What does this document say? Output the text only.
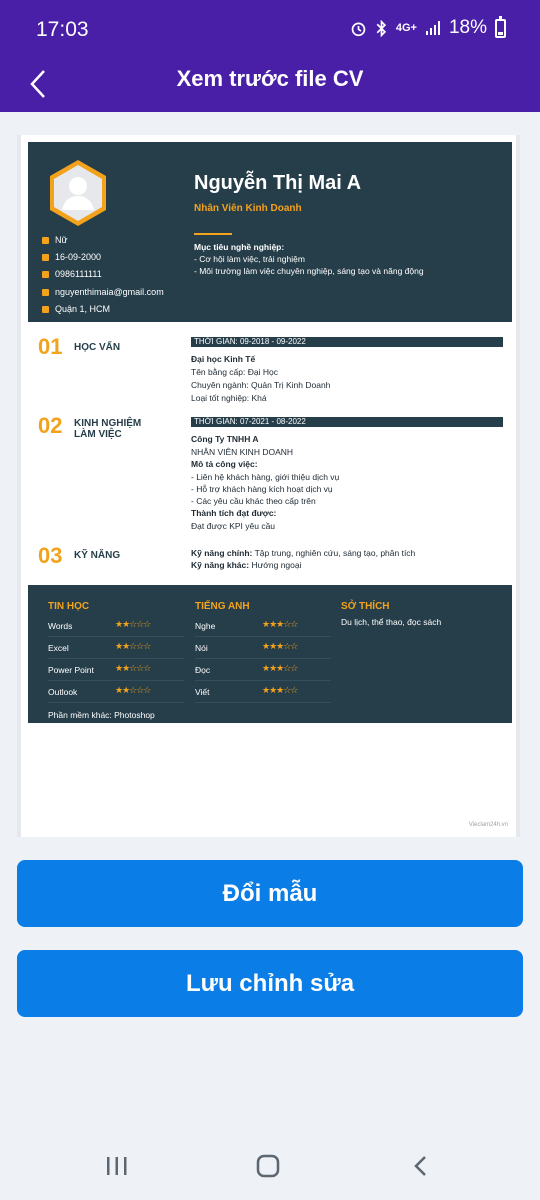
17:03	4G+ 18%
Xem trước file CV
Nữ
16-09-2000
0986111111
nguyenthimaia@gmail.com
Quận 1, HCM
Nguyễn Thị Mai A
Nhân Viên Kinh Doanh
Mục tiêu nghề nghiệp:
- Cơ hội làm việc, trải nghiệm
- Môi trường làm việc chuyên nghiệp, sáng tạo và năng động
01 HỌC VẤN
THỜI GIAN: 09-2018 - 09-2022
Đại học Kinh Tế
Tên bằng cấp: Đại Học
Chuyên ngành: Quản Trị Kinh Doanh
Loại tốt nghiệp: Khá
02 KINH NGHIỆM
LÀM VIỆC
THỜI GIAN: 07-2021 - 08-2022
Công Ty TNHH A
NHÂN VIÊN KINH DOANH
Mô tả công việc:
- Liên hệ khách hàng, giới thiệu dịch vụ
- Hỗ trợ khách hàng kích hoạt dịch vụ
- Các yêu cầu khác theo cấp trên
Thành tích đạt được:
Đạt được KPI yêu cầu
03 KỸ NĂNG	Kỹ năng chính: Tập trung, nghiên cứu, sáng tạo, phân tích
Kỹ năng khác: Hướng ngoại
TIN HỌC
Words	★★☆☆☆
Excel	★★☆☆☆
Power Point ★★☆☆☆
Outlook	★★☆☆☆
Phần mềm khác: Photoshop
TIẾNG ANH
Nghe	★★★☆☆
Nói	★★★☆☆
Đọc	★★★☆☆
Viết	★★★☆☆
SỞ THÍCH
Du lịch, thể thao, đọc sách
Vieclam24h.vn
Đổi mẫu
Lưu chỉnh sửa
